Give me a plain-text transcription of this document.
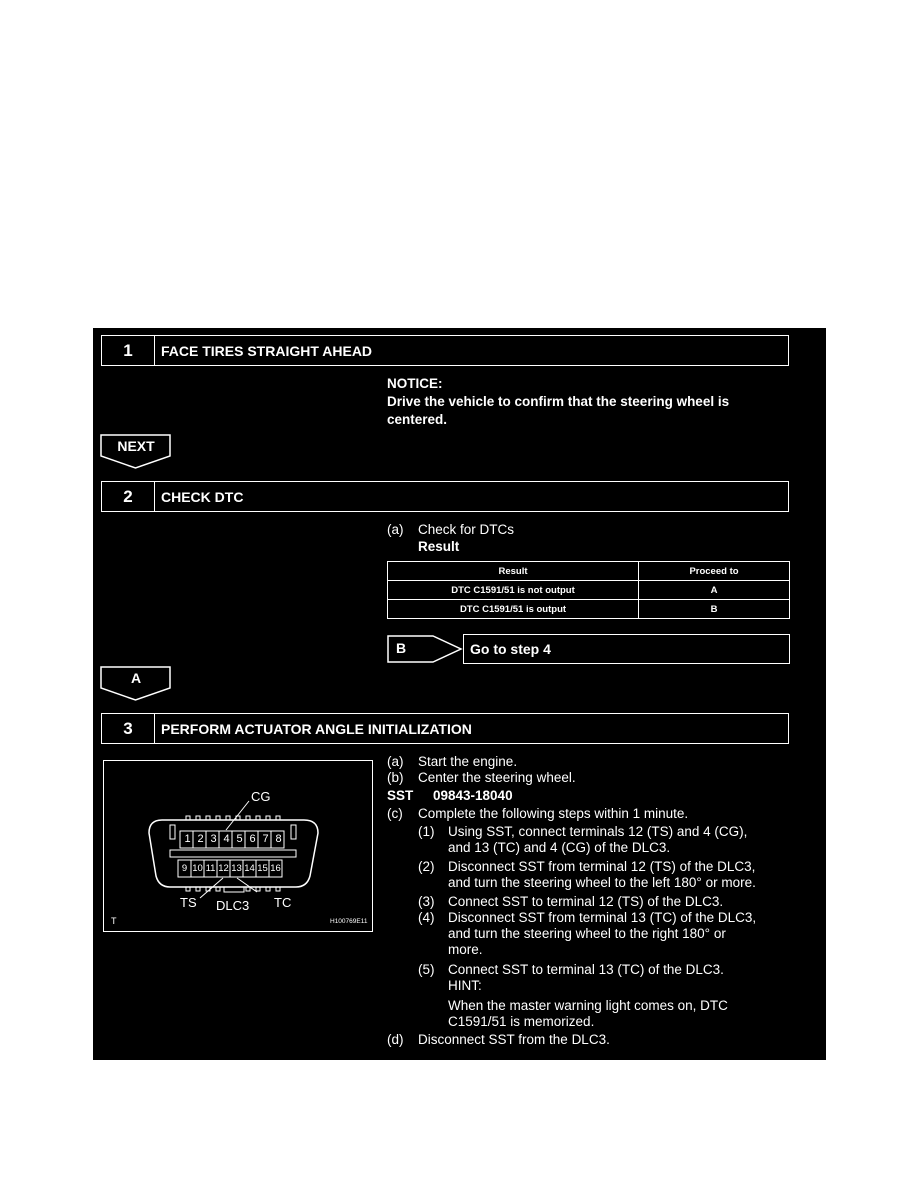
1	FACE TIRES STRAIGHT AHEAD
NOTICE:
Drive the vehicle to confirm that the steering wheel is
centered.
NEXT
2	CHECK DTC
(a) Check for DTCs
Result
Result	Proceed to
DTC C1591/51 is not output	A
DTC C1591/51 is output	B
B	Go to step 4
A
3	PERFORM ACTUATOR ANGLE INITIALIZATION
1 2 3 4 5 6 7 8
9 10 11 12 13 14 15 16
CG
TS DLC3 TC
T	H100769E11
(a) Start the engine.
(b) Center the steering wheel.
SST 09843-18040
(c) Complete the following steps within 1 minute.
(1) Using SST, connect terminals 12 (TS) and 4 (CG),
and 13 (TC) and 4 (CG) of the DLC3.
(2) Disconnect SST from terminal 12 (TS) of the DLC3,
and turn the steering wheel to the left 180° or more.
(3) Connect SST to terminal 12 (TS) of the DLC3.
(4) Disconnect SST from terminal 13 (TC) of the DLC3,
and turn the steering wheel to the right 180° or
more.
(5) Connect SST to terminal 13 (TC) of the DLC3.
HINT:
When the master warning light comes on, DTC
C1591/51 is memorized.
(d) Disconnect SST from the DLC3.
